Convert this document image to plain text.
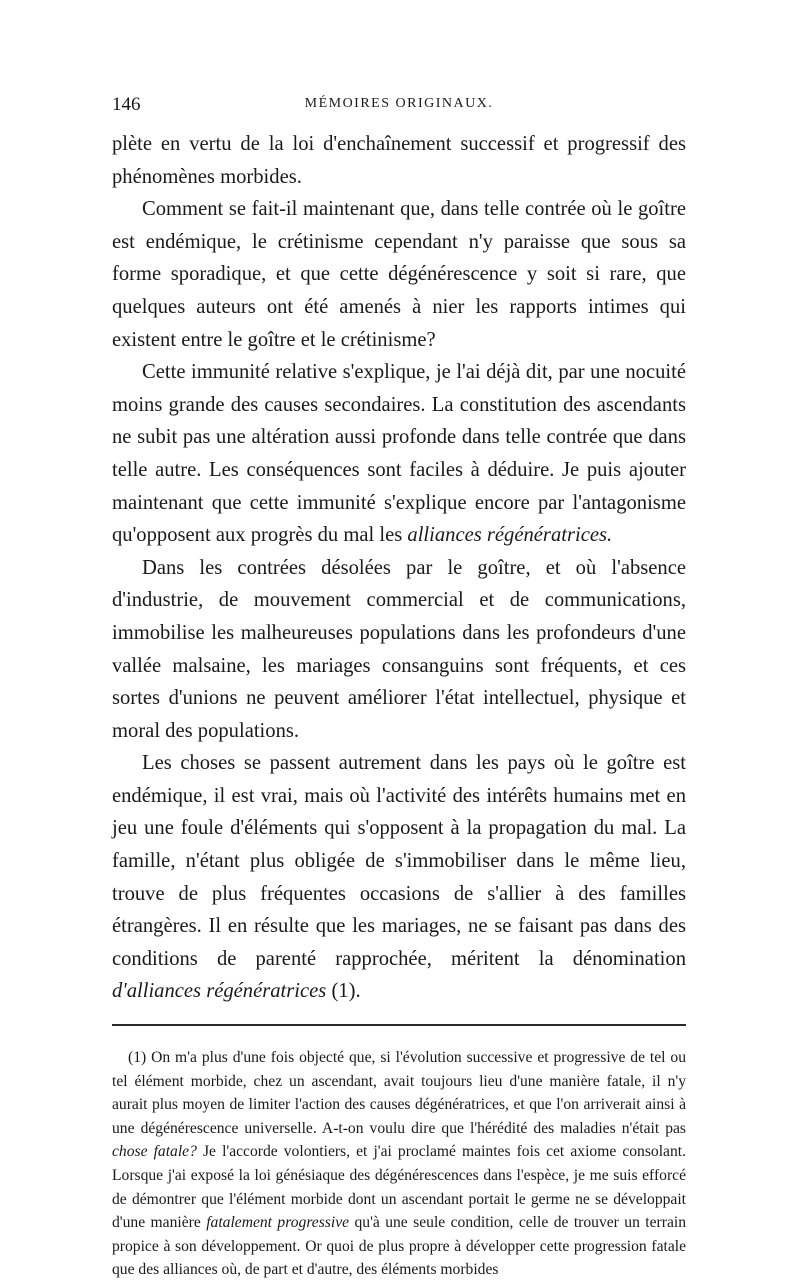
146	MÉMOIRES ORIGINAUX.

plète en vertu de la loi d'enchaînement successif et progressif des phénomènes morbides.

Comment se fait-il maintenant que, dans telle contrée où le goître est endémique, le crétinisme cependant n'y paraisse que sous sa forme sporadique, et que cette dégénérescence y soit si rare, que quelques auteurs ont été amenés à nier les rapports intimes qui existent entre le goître et le crétinisme?

Cette immunité relative s'explique, je l'ai déjà dit, par une nocuité moins grande des causes secondaires. La constitution des ascendants ne subit pas une altération aussi profonde dans telle contrée que dans telle autre. Les conséquences sont faciles à déduire. Je puis ajouter maintenant que cette immunité s'explique encore par l'antagonisme qu'opposent aux progrès du mal les alliances régénératrices.

Dans les contrées désolées par le goître, et où l'absence d'industrie, de mouvement commercial et de communications, immobilise les malheureuses populations dans les profondeurs d'une vallée malsaine, les mariages consanguins sont fréquents, et ces sortes d'unions ne peuvent améliorer l'état intellectuel, physique et moral des populations.

Les choses se passent autrement dans les pays où le goître est endémique, il est vrai, mais où l'activité des intérêts humains met en jeu une foule d'éléments qui s'opposent à la propagation du mal. La famille, n'étant plus obligée de s'immobiliser dans le même lieu, trouve de plus fréquentes occasions de s'allier à des familles étrangères. Il en résulte que les mariages, ne se faisant pas dans des conditions de parenté rapprochée, méritent la dénomination d'alliances régénératrices (1).

(1) On m'a plus d'une fois objecté que, si l'évolution successive et progressive de tel ou tel élément morbide, chez un ascendant, avait toujours lieu d'une manière fatale, il n'y aurait plus moyen de limiter l'action des causes dégénératrices, et que l'on arriverait ainsi à une dégénérescence universelle. A-t-on voulu dire que l'hérédité des maladies n'était pas chose fatale? Je l'accorde volontiers, et j'ai proclamé maintes fois cet axiome consolant. Lorsque j'ai exposé la loi génésiaque des dégénérescences dans l'espèce, je me suis efforcé de démontrer que l'élément morbide dont un ascendant portait le germe ne se développait d'une manière fatalement progressive qu'à une seule condition, celle de trouver un terrain propice à son développement. Or quoi de plus propre à développer cette progression fatale que des alliances où, de part et d'autre, des éléments morbides
